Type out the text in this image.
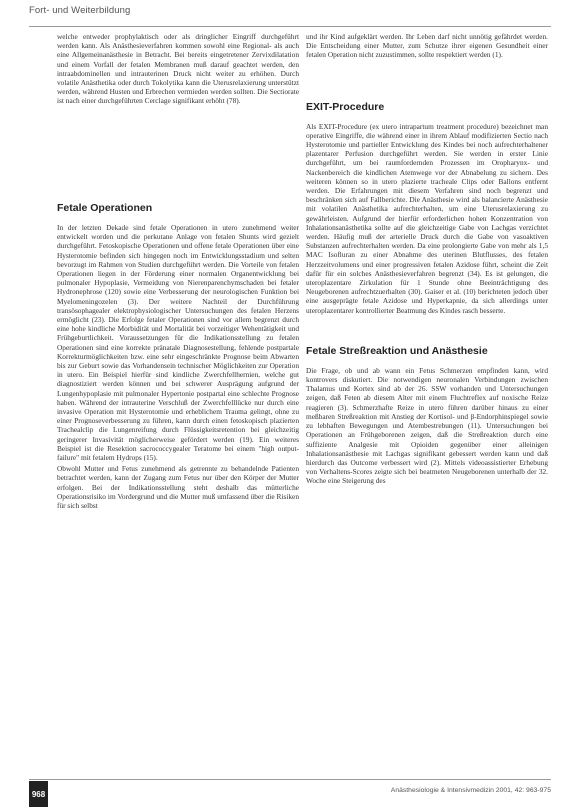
Fort- und Weiterbildung

welche entweder prophylaktisch oder als dringlicher Eingriff durchgeführt werden kann. Als Anästhesieverfahren kommen sowohl eine Regional- als auch eine Allgemeinanästhesie in Betracht. Bei bereits eingetretener Zervixdilatation und einem Vorfall der fetalen Membranen muß darauf geachtet werden, den intraabdominellen und intrauterinen Druck nicht weiter zu erhöhen. Durch volatile Anästhetika oder durch Tokolytika kann die Uterusrelaxierung unterstützt werden, während Husten und Erbrechen vermieden werden sollten. Die Sectiorate ist nach einer durchgeführten Cerclage signifikant erhöht (78).

Fetale Operationen

In der letzten Dekade sind fetale Operationen in utero zunehmend weiter entwickelt worden und die perkutane Anlage von fetalen Shunts wird gezielt durchgeführt. Fetoskopische Operationen und offene fetale Operationen über eine Hysterotomie befinden sich hingegen noch im Entwicklungsstadium und selten bevorzugt im Rahmen von Studien durchgeführt werden. Die Vorteile von fetalen Operationen liegen in der Förderung einer normalen Organentwicklung bei pulmonaler Hypoplasie, Vermeidung von Nierenparenchymschaden bei fetaler Hydronephrose (120) sowie eine Verbesserung der neurologischen Funktion bei Myelomeningozelen (3). Der weitere Nachteil der Durchführung transösophagealer elektrophysiologischer Untersuchungen des fetalen Herzens ermöglicht (23). Die Erfolge fetaler Operationen sind vor allem begrenzt durch eine hohe kindliche Morbidität und Mortalität bei vorzeitiger Wehentätigkeit und Frühgeburtlichkeit. Voraussetzungen für die Indikationsstellung zu fetalen Operationen sind eine korrekte pränatale Diagnosestellung, fehlende postpartale Korrekturmöglichkeiten bzw. eine sehr eingeschränkte Prognose beim Abwarten bis zur Geburt sowie das Vorhandensein technischer Möglichkeiten zur Operation in utero. Ein Beispiel hierfür sind kindliche Zwerchfellhernien, welche gut diagnostiziert werden können und bei schwerer Ausprägung aufgrund der Lungenhypoplasie mit pulmonaler Hypertonie postpartal eine schlechte Prognose haben. Während der intrauterine Verschluß der Zwerchfelllücke nur durch eine invasive Operation mit Hysterotomie und erheblichem Trauma gelingt, ohne zu einer Prognoseverbesserung zu führen, kann durch einen fetoskopisch plazierten Trachealclip die Lungenreifung durch Flüssigkeitsretention bei gleichzeitig geringerer Invasivität möglicherweise gefördert werden (19). Ein weiteres Beispiel ist die Resektion sacrococcygealer Teratome bei einem "high output-failure" mit fetalem Hydrops (15).

Obwohl Mutter und Fetus zunehmend als getrennte zu behandelnde Patienten betrachtet werden, kann der Zugang zum Fetus nur über den Körper der Mutter erfolgen. Bei der Indikationsstellung steht deshalb das mütterliche Operationsrisiko im Vordergrund und die Mutter muß umfassend über die Risiken für sich selbst

und ihr Kind aufgeklärt werden. Ihr Leben darf nicht unnötig gefährdet werden. Die Entscheidung einer Mutter, zum Schutze ihrer eigenen Gesundheit einer fetalen Operation nicht zuzustimmen, sollte respektiert werden (1).

EXIT-Procedure

Als EXIT-Procedure (ex utero intrapartum treatment procedure) bezeichnet man operative Eingriffe, die während einer in ihrem Ablauf modifizierten Sectio nach Hysterotomie und partieller Entwicklung des Kindes bei noch aufrechterhaltener plazentarer Perfusion durchgeführt werden. Sie werden in erster Linie durchgeführt, um bei raumfordernden Prozessen im Oropharynx- und Nackenbereich die kindlichen Atemwege vor der Abnabelung zu sichern. Des weiteren können so in utero plazierte tracheale Clips oder Ballons entfernt werden. Die Erfahrungen mit diesem Verfahren sind noch begrenzt und beschränken sich auf Fallberichte. Die Anästhesie wird als balancierte Anästhesie mit volatilen Anästhetika aufrechterhalten, um eine Uterusrelaxierung zu gewährleisten. Aufgrund der hierfür erforderlichen hohen Konzentration von Inhalationsanästhetika sollte auf die gleichzeitige Gabe von Lachgas verzichtet werden. Häufig muß der arterielle Druck durch die Gabe von vasoaktiven Substanzen aufrechterhalten werden. Da eine prolongierte Gabe von mehr als 1,5 MAC Isofluran zu einer Abnahme des uterinen Blutflusses, des fetalen Herzzeitvolumens und einer progressiven fetalen Azidose führt, scheint die Zeit dafür für ein solches Anästhesieverfahren begrenzt (34). Es ist gelungen, die uteroplazentare Zirkulation für 1 Stunde ohne Beeinträchtigung des Neugeborenen aufrechtzuerhalten (30). Gaiser et al. (10) berichteten jedoch über eine ausgeprägte fetale Azidose und Hyperkapnie, da sich allerdings unter uteroplazentarer kontrollierter Beatmung des Kindes rasch besserte.

Fetale Streßreaktion und Anästhesie

Die Frage, ob und ab wann ein Fetus Schmerzen empfinden kann, wird kontrovers diskutiert. Die notwendigen neuronalen Verbindungen zwischen Thalamus und Kortex sind ab der 26. SSW vorhanden und Untersuchungen zeigen, daß Feten ab diesem Alter mit einem Fluchtreflex auf noxische Reize reagieren (3). Schmerzhafte Reize in utero führen darüber hinaus zu einer meßbaren Streßreaktion mit Anstieg der Kortisol- und β-Endorphinspiegel sowie zu lebhaften Bewegungen und Atembestrebungen (11). Untersuchungen bei Operationen an Frühgeborenen zeigen, daß die Streßreaktion durch eine suffiziente Analgesie mit Opioiden gegenüber einer alleinigen Inhalationsanästhesie mit Lachgas signifikant gebessert werden kann und daß hierdurch das Outcome verbessert wird (2). Mittels videoassistierter Erhebung von Verhaltens-Scores zeigte sich bei beatmeten Neugeborenen unterhalb der 32. Woche eine Steigerung des

968	Anästhesiologie & Intensivmedizin 2001, 42: 963-975
